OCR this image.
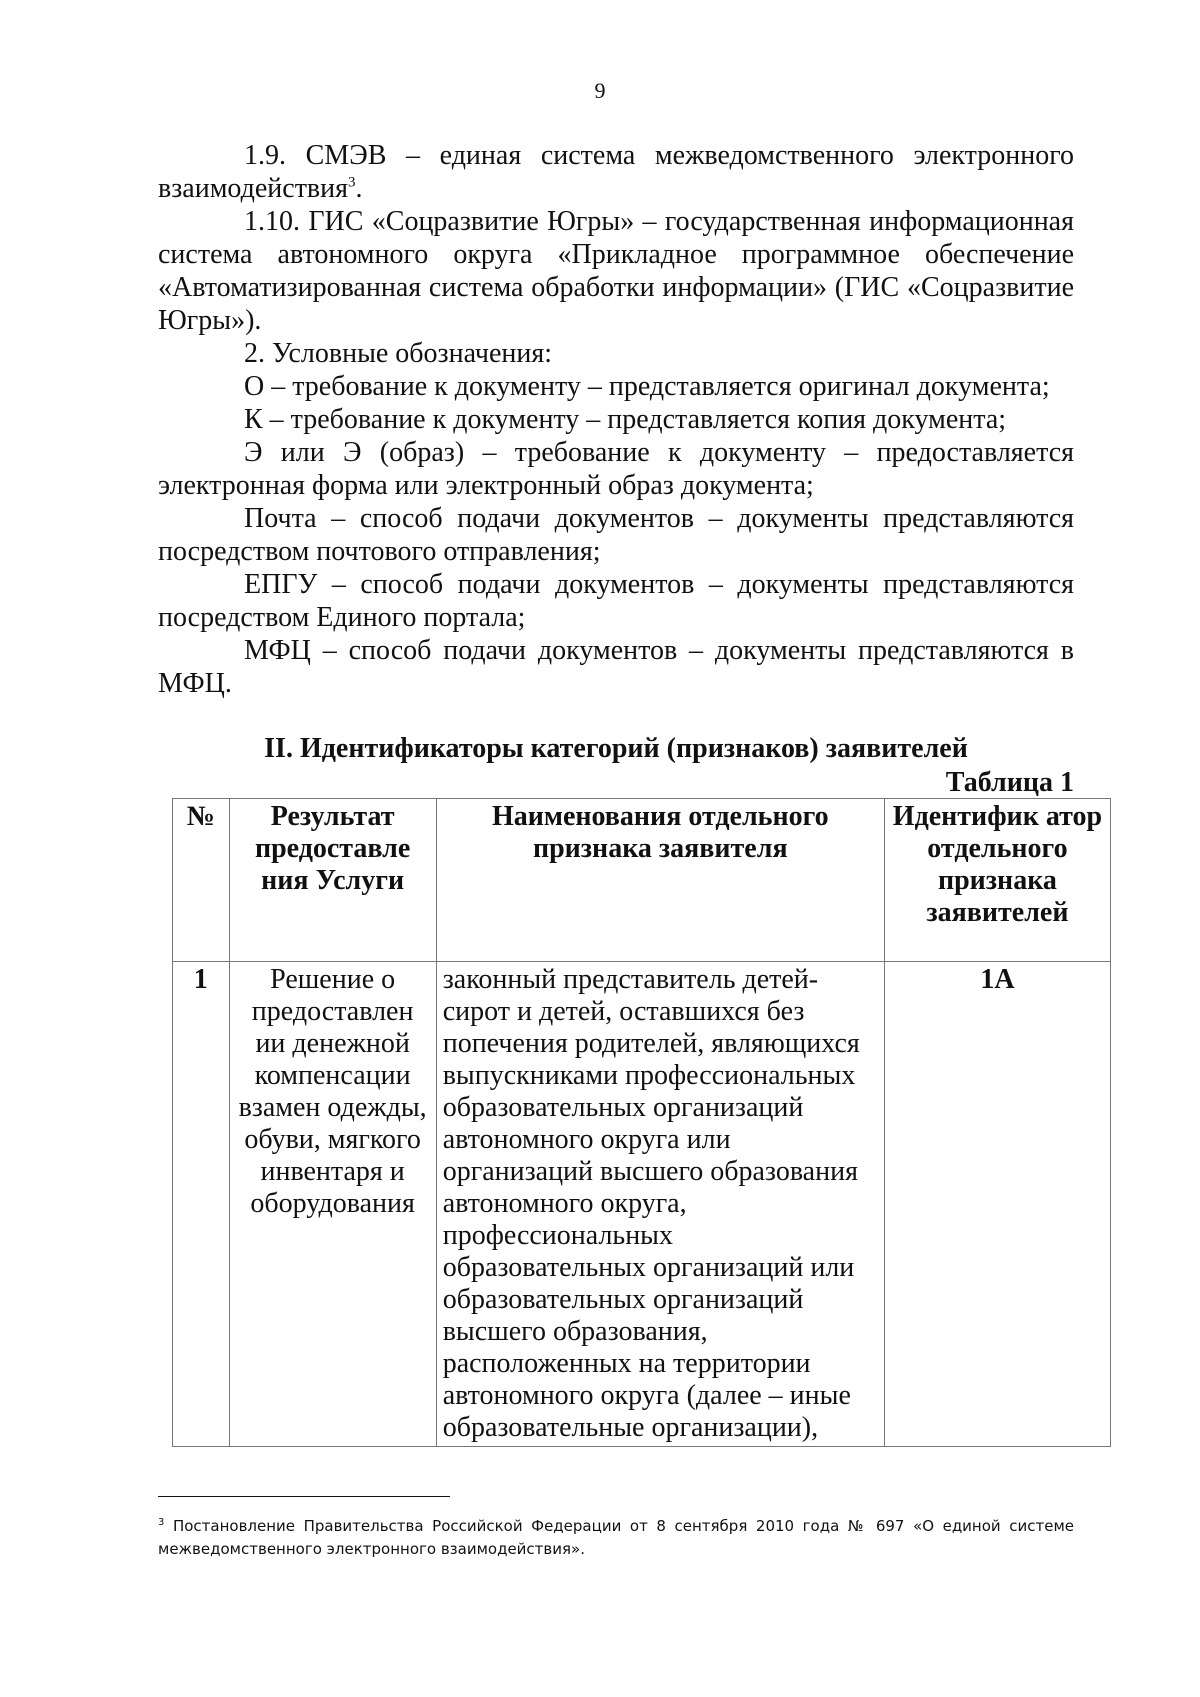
9

1.9. СМЭВ – единая система межведомственного электронного взаимодействия$^3$.

1.10. ГИС «Соцразвитие Югры» – государственная информационная система автономного округа «Прикладное программное обеспечение «Автоматизированная система обработки информации» (ГИС «Соцразвитие Югры»).

2. Условные обозначения:

О – требование к документу – представляется оригинал документа;

К – требование к документу – представляется копия документа;

Э или Э (образ) – требование к документу – предоставляется электронная форма или электронный образ документа;

Почта – способ подачи документов – документы представляются посредством почтового отправления;

ЕПГУ – способ подачи документов – документы представляются посредством Единого портала;

МФЦ – способ подачи документов – документы представляются в МФЦ.

II. Идентификаторы категорий (признаков) заявителей
Таблица 1
№	Результат предоставле ния Услуги	Наименования отдельного признака заявителя	Идентифик атор отдельного признака заявителей
1	Решение о предоставлен ии денежной компенсации взамен одежды, обуви, мягкого инвентаря и оборудования	законный представитель детей-сирот и детей, оставшихся без попечения родителей, являющихся выпускниками профессиональных образовательных организаций автономного округа или организаций высшего образования автономного округа, профессиональных образовательных организаций или образовательных организаций высшего образования, расположенных на территории автономного округа (далее – иные образовательные организации),	1А
$^3$ Постановление Правительства Российской Федерации от 8 сентября 2010 года № 697 «О единой системе межведомственного электронного взаимодействия».
